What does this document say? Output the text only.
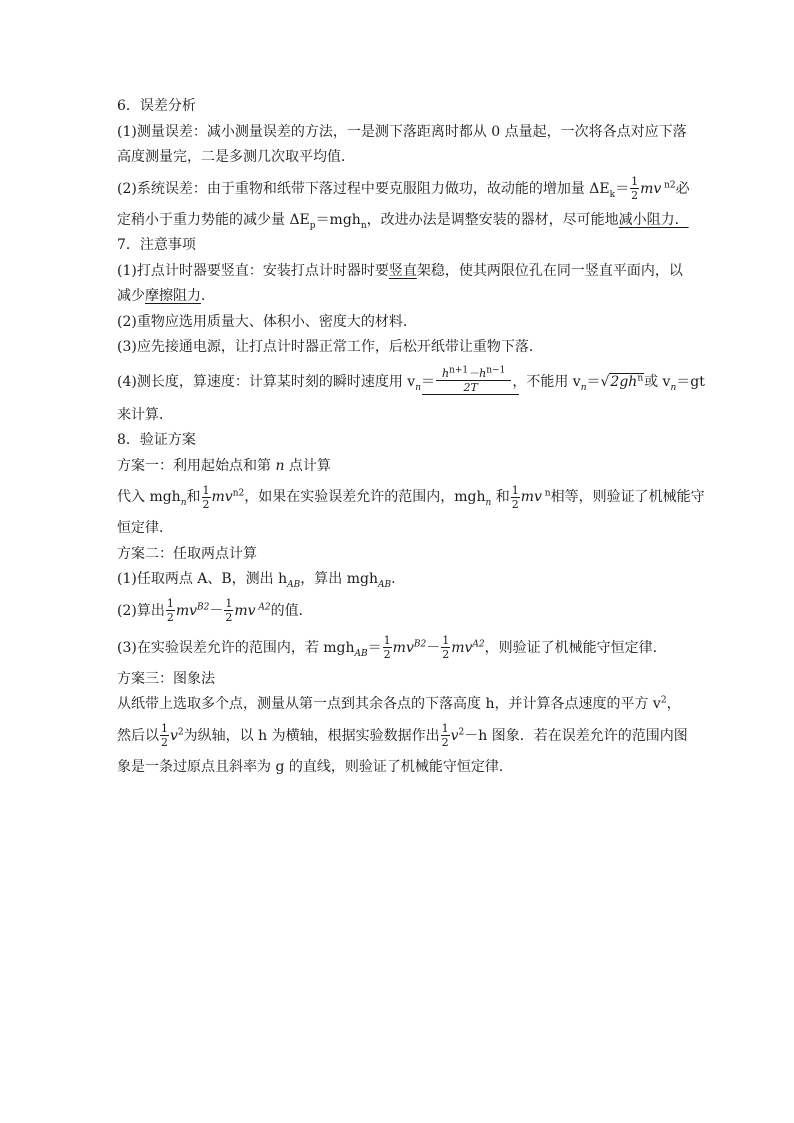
6．误差分析
(1)测量误差：减小测量误差的方法，一是测下落距离时都从 0 点量起，一次将各点对应下落
高度测量完，二是多测几次取平均值．
(2)系统误差：由于重物和纸带下落过程中要克服阻力做功，故动能的增加量 $\Delta E_k= \frac{1}{2}$ mv $^{n2}$必
定稍小于重力势能的减少量 $\Delta E_p=mgh_n$，改进办法是调整安装的器材，尽可能地减小阻力．
7．注意事项
(1)打点计时器要竖直：安装打点计时器时要竖直架稳，使其两限位孔在同一竖直平面内，以
减少摩擦阻力．
(2)重物应选用质量大、体积小、密度大的材料．
(3)应先接通电源，让打点计时器正常工作，后松开纸带让重物下落．
(4)测长度，算速度：计算某时刻的瞬时速度用 $v_n= \frac{h^{n+1}-h^{n-1}}{2T}$ ，不能用 $v_n=√2gh^n$或 $v_n=gt$
来计算．
8．验证方案
方案一：利用起始点和第 n 点计算
代入 mgh$_n$和 $\frac{1}{2} mv^{n2}$，如果在实验误差允许的范围内，mgh$_n$ 和 $\frac{1}{2}$ mv $^n$相等，则验证了机械能守
恒定律．
方案二：任取两点计算
(1)任取两点 A、B，测出 $h_{AB}$，算出 mgh$_{AB}$.
(2)算出 $\frac{1}{2} mv^{B2}- \frac{1}{2}$ mv $^{A2}$的值．
(3)在实验误差允许的范围内，若 $mgh_{AB}= \frac{1}{2} mv^{B2}- \frac{1}{2} mv^{A2}$，则验证了机械能守恒定律．
方案三：图象法
从纸带上选取多个点，测量从第一点到其余各点的下落高度 h，并计算各点速度的平方 $v^2$，
然后以 $\frac{1}{2} v^2$为纵轴，以 h 为横轴，根据实验数据作出 $\frac{1}{2} v^2-h$ 图象．若在误差允许的范围内图
象是一条过原点且斜率为 g 的直线，则验证了机械能守恒定律．
